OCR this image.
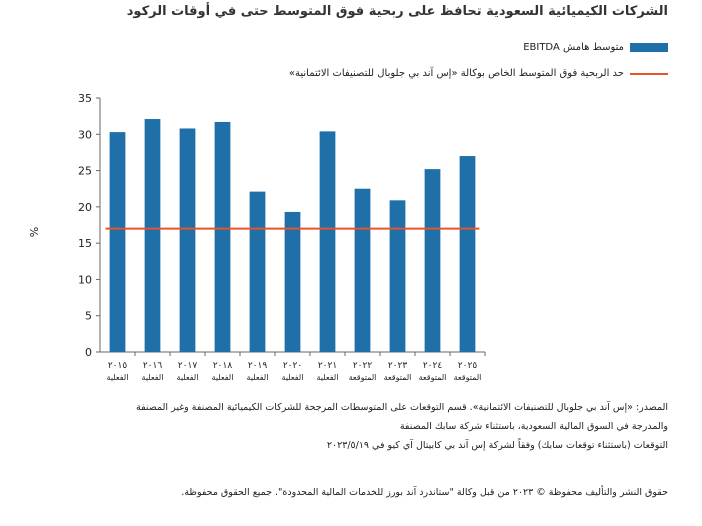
الشركات الكيميائية السعودية تحافظ على ربحية فوق المتوسط حتى في أوقات الركود
متوسط هامش EBITDA
حد الربحية فوق المتوسط الخاص بوكالة «إس آند بي جلوبال للتصنيفات الائتمانية»
0
5
10
15
20
25
30
35
%
٢٠١٥
الفعلية
٢٠١٦
الفعلية
٢٠١٧
الفعلية
٢٠١٨
الفعلية
٢٠١٩
الفعلية
٢٠٢٠
الفعلية
٢٠٢١
الفعلية
٢٠٢٢
المتوقعة
٢٠٢٣
المتوقعة
٢٠٢٤
المتوقعة
٢٠٢٥
المتوقعة
المصدر: «إس آند بي جلوبال للتصنيفات الائتمانية». قسم التوقعات على المتوسطات المرجحة للشركات الكيميائية المصنفة وغير المصنفة
والمدرجة في السوق المالية السعودية، باستثناء شركة سابك المصنفة
التوقعات (باستثناء توقعات سابك) وفقاً لشركة إس آند بي كابيتال آي كيو في ٢٠٢٣/٥/١٩
حقوق النشر والتأليف محفوظة © ٢٠٢٣ من قبل وكالة "ستاندرد آند بورز للخدمات المالية المحدودة". جميع الحقوق محفوظة.
